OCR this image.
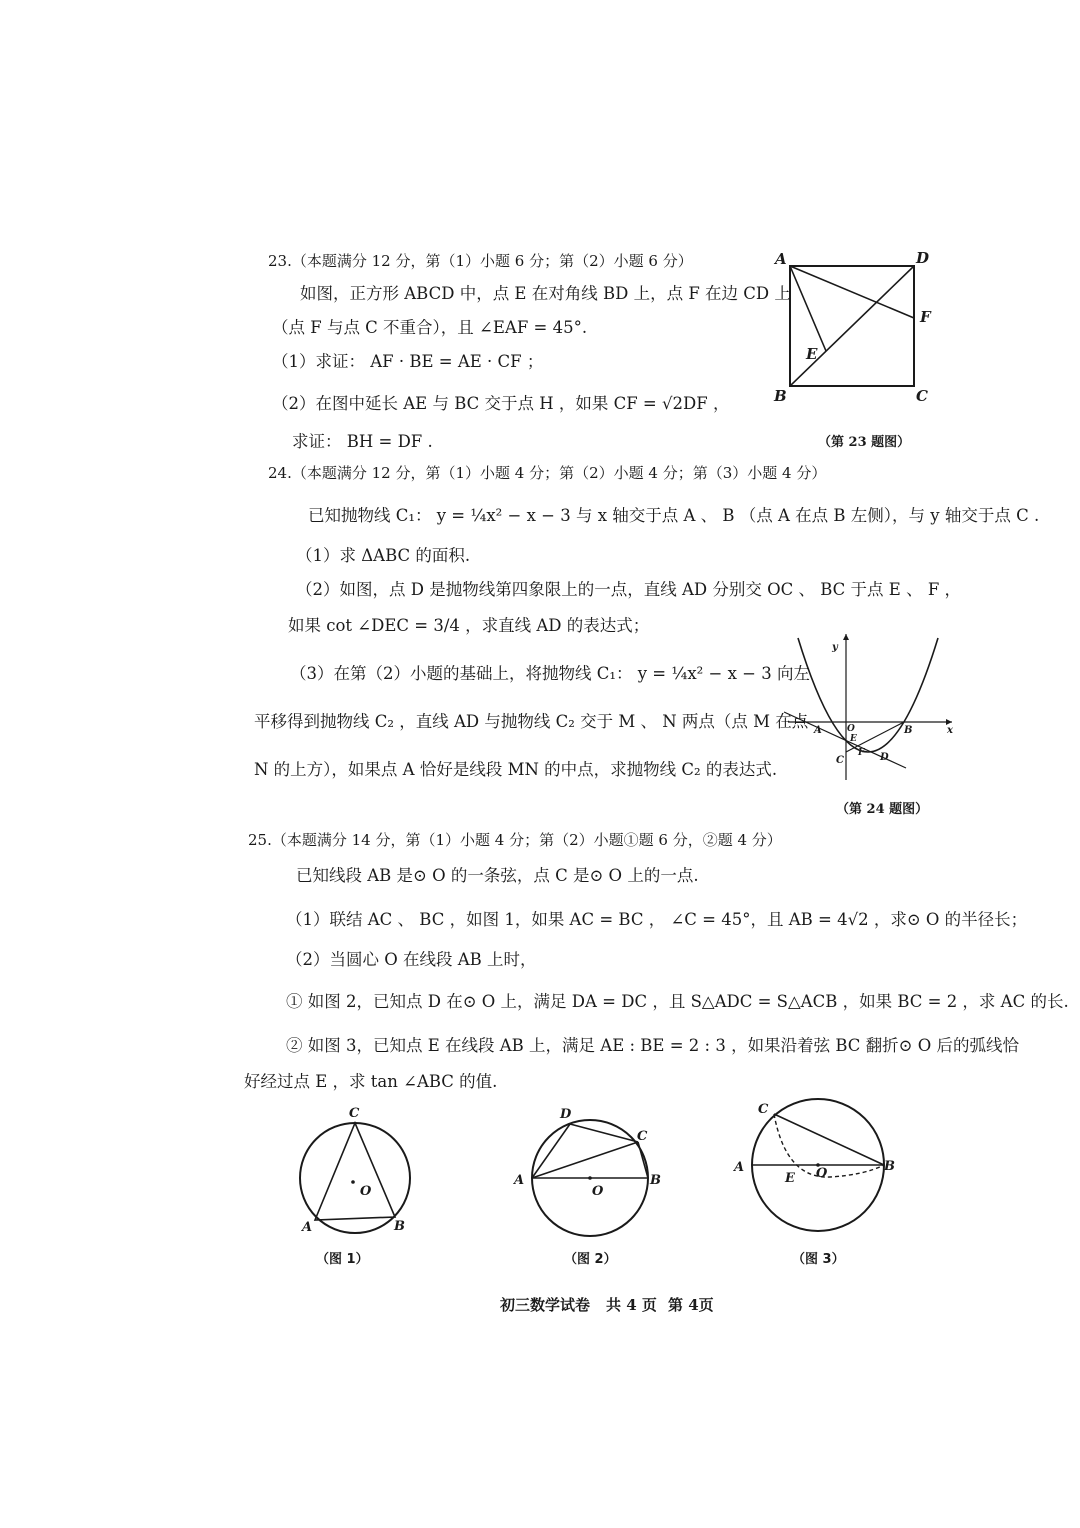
23.（本题满分 12 分，第（1）小题 6 分；第（2）小题 6 分）
如图，正方形 ABCD 中，点 E 在对角线 BD 上，点 F 在边 CD 上
（点 F 与点 C 不重合），且 ∠EAF = 45°.
（1）求证： AF · BE = AE · CF ；
（2）在图中延长 AE 与 BC 交于点 H ，如果 CF = √2DF ，
求证： BH = DF .
A	D
F
E
B	C
（第 23 题图）
24.（本题满分 12 分，第（1）小题 4 分；第（2）小题 4 分；第（3）小题 4 分）
已知抛物线 C₁： y = ¼x² − x − 3 与 x 轴交于点 A 、 B （点 A 在点 B 左侧），与 y 轴交于点 C .
（1）求 ΔABC 的面积.
（2）如图，点 D 是抛物线第四象限上的一点，直线 AD 分别交 OC 、 BC 于点 E 、 F ，
如果 cot ∠DEC = 3/4 ，求直线 AD 的表达式；
（3）在第（2）小题的基础上，将抛物线 C₁： y = ¼x² − x − 3 向左
平移得到抛物线 C₂ ，直线 AD 与抛物线 C₂ 交于 M 、 N 两点（点 M 在点
N 的上方），如果点 A 恰好是线段 MN 的中点，求抛物线 C₂ 的表达式.
y
x
A	O
E
F
B
C	D
（第 24 题图）
25.（本题满分 14 分，第（1）小题 4 分；第（2）小题①题 6 分，②题 4 分）
已知线段 AB 是⊙ O 的一条弦，点 C 是⊙ O 上的一点.
（1）联结 AC 、 BC ，如图 1，如果 AC = BC ， ∠C = 45°，且 AB = 4√2 ，求⊙ O 的半径长；
（2）当圆心 O 在线段 AB 上时，
① 如图 2，已知点 D 在⊙ O 上，满足 DA = DC ，且 S△ADC = S△ACB ，如果 BC = 2 ，求 AC 的长.
② 如图 3，已知点 E 在线段 AB 上，满足 AE : BE = 2 : 3 ，如果沿着弦 BC 翻折⊙ O 后的弧线恰
好经过点 E ，求 tan ∠ABC 的值.
C
O
A	B
（图 1）
D
C
A
O
B
（图 2）
C
A
E O	B
（图 3）
初三数学试卷 共 4 页 第 4页
